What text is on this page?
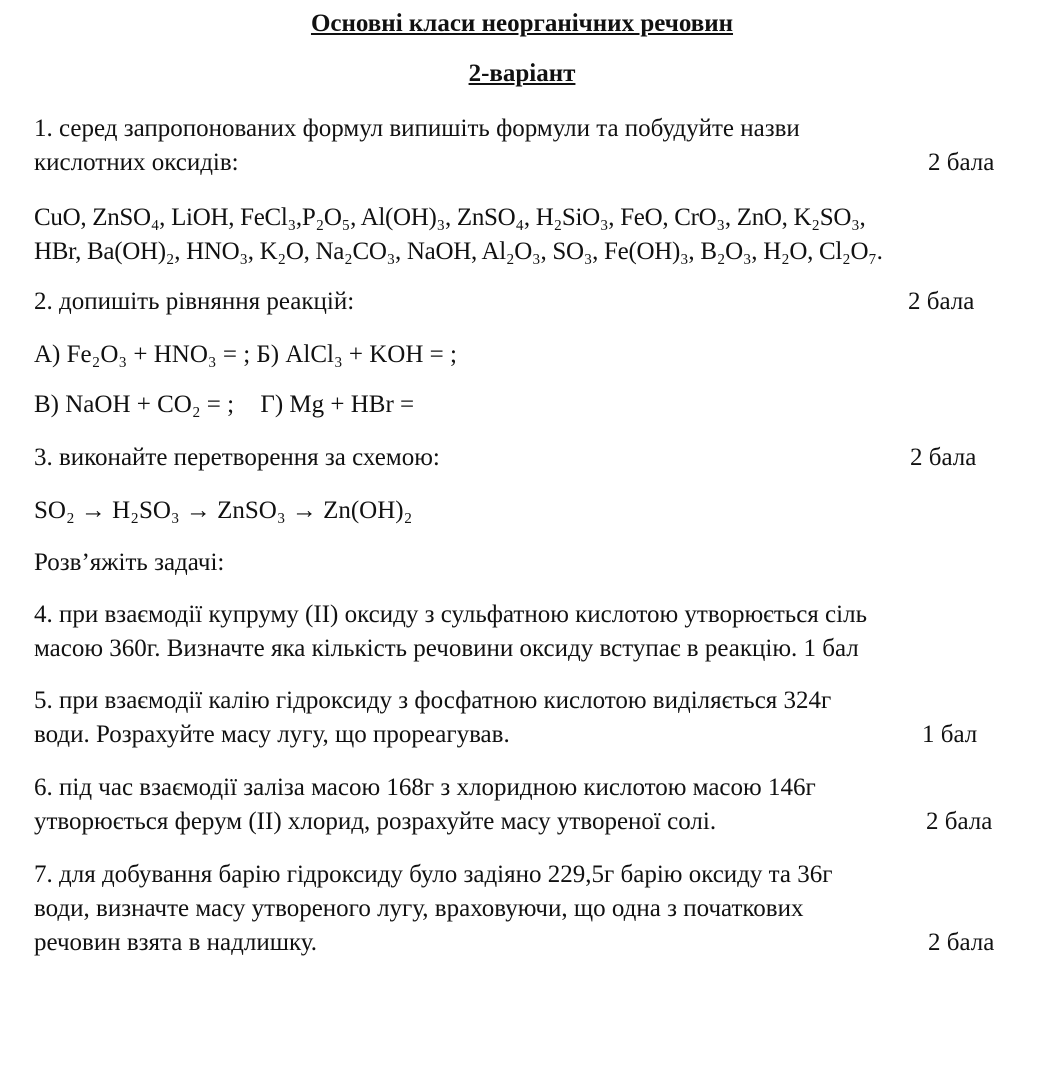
Основні класи неорганічних речовин
2-варіант
1. серед запропонованих формул випишіть формули та побудуйте назви
кислотних оксидів:	2 бала
CuO, ZnSO₄, LiOH, FeCl₃,P₂O₅, Al(OH)₃, ZnSO₄, H₂SiO₃, FeO, CrO₃, ZnO, K₂SO₃,
HBr, Ba(OH)₂, HNO₃, K₂O, Na₂CO₃, NaOH, Al₂O₃, SO₃, Fe(OH)₃, B₂O₃, H₂O, Cl₂O₇.
2. допишіть рівняння реакцій:	2 бала
А) Fe₂O₃ + HNO₃ = ; Б) AlCl₃ + KOH = ;
В) NaOH + CO₂ = ; Г) Mg + HBr =
3. виконайте перетворення за схемою:	2 бала
SO₂ → H₂SO₃ → ZnSO₃ → Zn(OH)₂
Розв’яжіть задачі:
4. при взаємодії купруму (ІІ) оксиду з сульфатною кислотою утворюється сіль
масою 360г. Визначте яка кількість речовини оксиду вступає в реакцію. 1 бал
5. при взаємодії калію гідроксиду з фосфатною кислотою виділяється 324г
води. Розрахуйте масу лугу, що прореагував.	1 бал
6. під час взаємодії заліза масою 168г з хлоридною кислотою масою 146г
утворюється ферум (ІІ) хлорид, розрахуйте масу утвореної солі.	2 бала
7. для добування барію гідроксиду було задіяно 229,5г барію оксиду та 36г
води, визначте масу утвореного лугу, враховуючи, що одна з початкових
речовин взята в надлишку.	2 бала
